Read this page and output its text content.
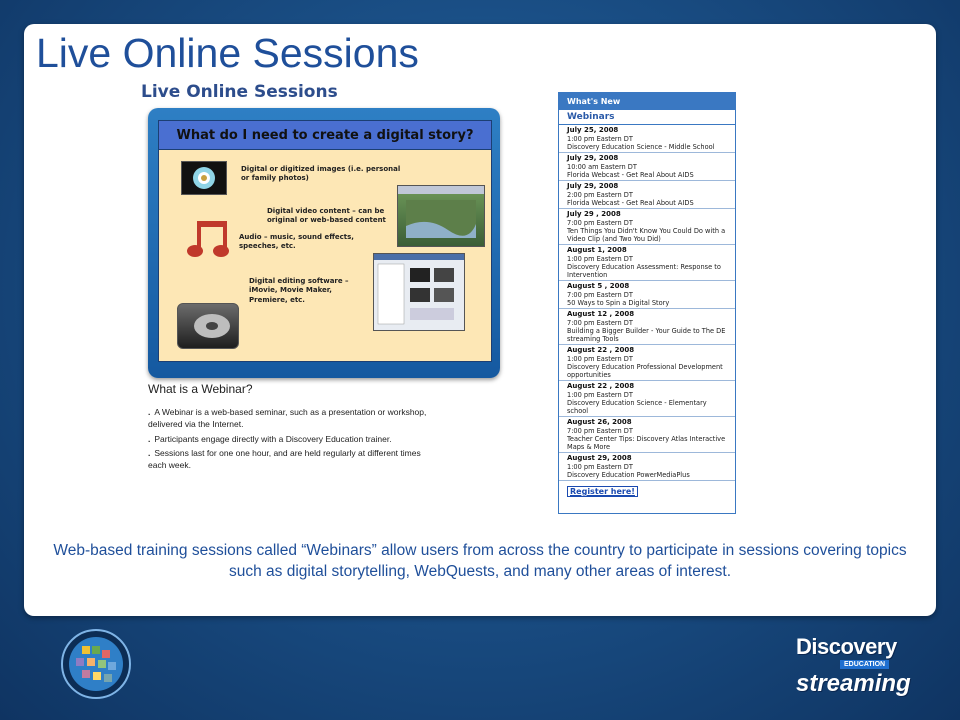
Live Online Sessions
Live Online Sessions
What do I need to create a digital story?
Digital or digitized images (i.e. personal or family photos)
Digital video content – can be original or web-based content
Audio – music, sound effects, speeches, etc.
Digital editing software – iMovie, Movie Maker, Premiere, etc.
What is a Webinar?
. A Webinar is a web-based seminar, such as a presentation or workshop, delivered via the Internet.
. Participants engage directly with a Discovery Education trainer.
. Sessions last for one one hour, and are held regularly at different times each week.
What's New
Webinars
July 25, 2008
1:00 pm Eastern DT
Discovery Education Science - Middle School
July 29, 2008
10:00 am Eastern DT
Florida Webcast - Get Real About AIDS
July 29, 2008
2:00 pm Eastern DT
Florida Webcast - Get Real About AIDS
July 29 , 2008
7:00 pm Eastern DT
Ten Things You Didn't Know You Could Do with a Video Clip (and Two You Did)
August 1, 2008
1:00 pm Eastern DT
Discovery Education Assessment: Response to Intervention
August 5 , 2008
7:00 pm Eastern DT
50 Ways to Spin a Digital Story
August 12 , 2008
7:00 pm Eastern DT
Building a Bigger Builder - Your Guide to The DE streaming Tools
August 22 , 2008
1:00 pm Eastern DT
Discovery Education Professional Development opportunities
August 22 , 2008
1:00 pm Eastern DT
Discovery Education Science - Elementary school
August 26, 2008
7:00 pm Eastern DT
Teacher Center Tips: Discovery Atlas Interactive Maps & More
August 29, 2008
1:00 pm Eastern DT
Discovery Education PowerMediaPlus
Register here!
Web-based training sessions called “Webinars” allow users from across the country to participate in sessions covering topics such as digital storytelling, WebQuests, and many other areas of interest.
Discovery
EDUCATION
streaming
